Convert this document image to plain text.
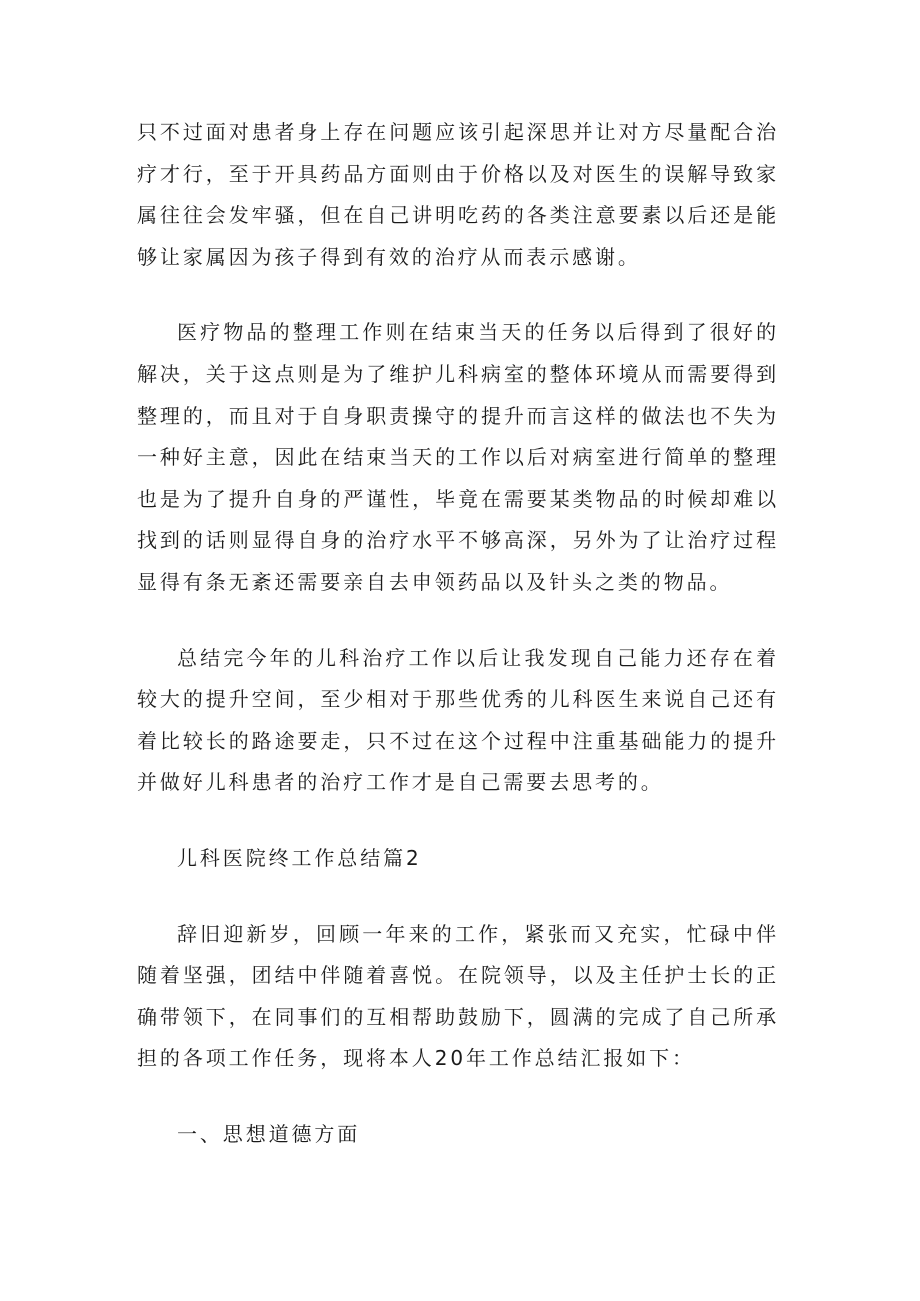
只不过面对患者身上存在问题应该引起深思并让对方尽量配合治疗才行，至于开具药品方面则由于价格以及对医生的误解导致家属往往会发牢骚，但在自己讲明吃药的各类注意要素以后还是能够让家属因为孩子得到有效的治疗从而表示感谢。

医疗物品的整理工作则在结束当天的任务以后得到了很好的解决，关于这点则是为了维护儿科病室的整体环境从而需要得到整理的，而且对于自身职责操守的提升而言这样的做法也不失为一种好主意，因此在结束当天的工作以后对病室进行简单的整理也是为了提升自身的严谨性，毕竟在需要某类物品的时候却难以找到的话则显得自身的治疗水平不够高深，另外为了让治疗过程显得有条无紊还需要亲自去申领药品以及针头之类的物品。

总结完今年的儿科治疗工作以后让我发现自己能力还存在着较大的提升空间，至少相对于那些优秀的儿科医生来说自己还有着比较长的路途要走，只不过在这个过程中注重基础能力的提升并做好儿科患者的治疗工作才是自己需要去思考的。

儿科医院终工作总结篇2

辞旧迎新岁，回顾一年来的工作，紧张而又充实，忙碌中伴随着坚强，团结中伴随着喜悦。在院领导，以及主任护士长的正确带领下，在同事们的互相帮助鼓励下，圆满的完成了自己所承担的各项工作任务，现将本人20年工作总结汇报如下：

一、思想道德方面
